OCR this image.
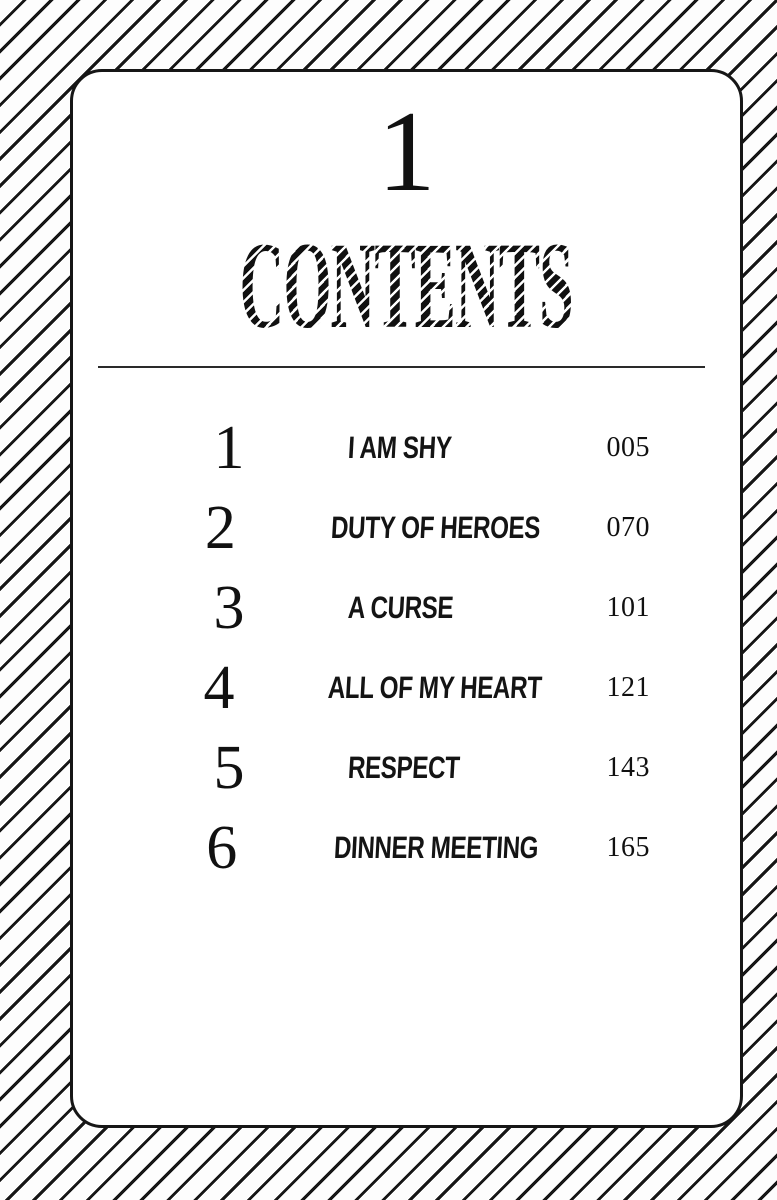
1
CONTENTS
1	I AM SHY	005
2	DUTY OF HEROES	070
3	A CURSE	101
4	ALL OF MY HEART	121
5	RESPECT	143
6	DINNER MEETING	165
